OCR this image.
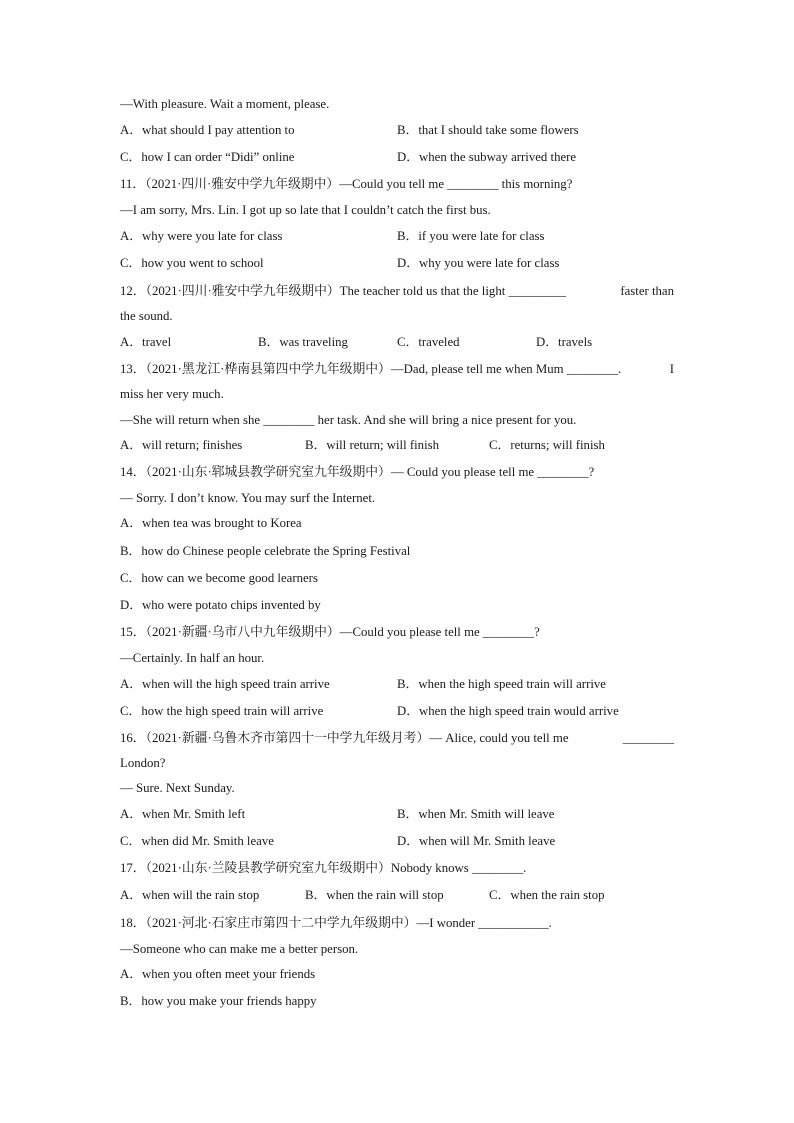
—With pleasure. Wait a moment, please.
A．what should I pay attention to	B．that I should take some flowers
C．how I can order “Didi” online	D．when the subway arrived there
11．（2021·四川·雅安中学九年级期中）—Could you tell me ________ this morning?
—I am sorry, Mrs. Lin. I got up so late that I couldn’t catch the first bus.
A．why were you late for class	B．if you were late for class
C．how you went to school	D．why you were late for class
12．（2021·四川·雅安中学九年级期中）The teacher told us that the light _________	faster than
the sound.
A．travel	B．was traveling	C．traveled	D．travels
13．（2021·黑龙江·桦南县第四中学九年级期中）—Dad, please tell me when Mum ________.	I
miss her very much.
—She will return when she ________ her task. And she will bring a nice present for you.
A．will return; finishes	B．will return; will finish	C．returns; will finish
14．（2021·山东·郓城县教学研究室九年级期中）— Could you please tell me ________?
— Sorry. I don’t know. You may surf the Internet.
A．when tea was brought to Korea
B．how do Chinese people celebrate the Spring Festival
C．how can we become good learners
D．who were potato chips invented by
15．（2021·新疆·乌市八中九年级期中）—Could you please tell me ________?
—Certainly. In half an hour.
A．when will the high speed train arrive	B．when the high speed train will arrive
C．how the high speed train will arrive	D．when the high speed train would arrive
16．（2021·新疆·乌鲁木齐市第四十一中学九年级月考）— Alice, could you tell me	________
London?
— Sure. Next Sunday.
A．when Mr. Smith left	B．when Mr. Smith will leave
C．when did Mr. Smith leave	D．when will Mr. Smith leave
17．（2021·山东·兰陵县教学研究室九年级期中）Nobody knows ________.
A．when will the rain stop	B．when the rain will stop	C．when the rain stop
18．（2021·河北·石家庄市第四十二中学九年级期中）—I wonder ___________.
—Someone who can make me a better person.
A．when you often meet your friends
B．how you make your friends happy
